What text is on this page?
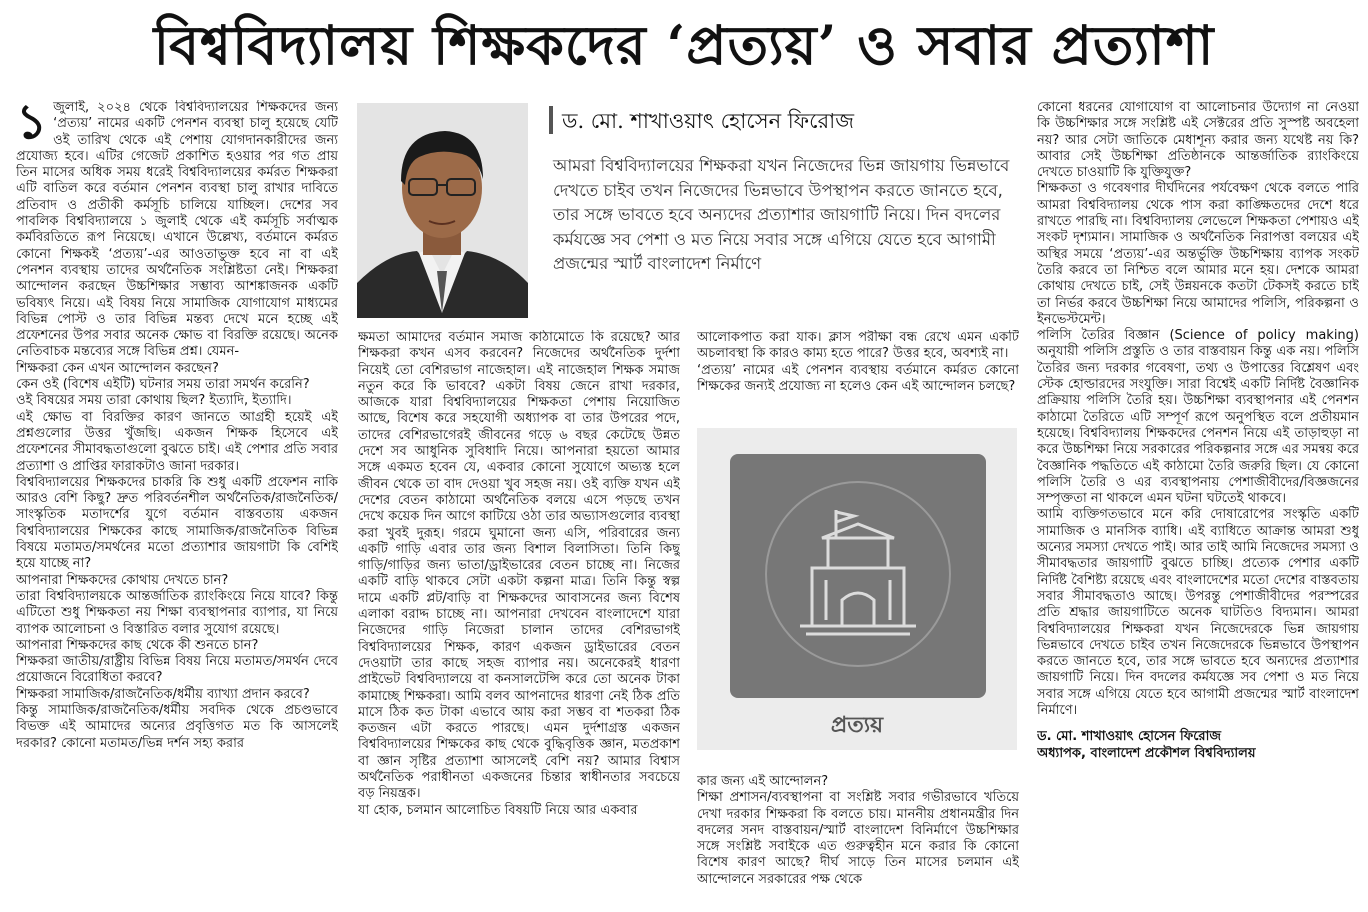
বিশ্ববিদ্যালয় শিক্ষকদের ‘প্রত্যয়’ ও সবার প্রত্যাশা
১ জুলাই, ২০২৪ থেকে বিশ্ববিদ্যালয়ের শিক্ষকদের জন্য ‘প্রত্যয়’ নামের একটি পেনশন ব্যবস্থা চালু হয়েছে যেটি ওই তারিখ থেকে এই পেশায় যোগদানকারীদের জন্য প্রযোজ্য হবে। এটির গেজেট প্রকাশিত হওয়ার পর গত প্রায় তিন মাসের অধিক সময় ধরেই বিশ্ববিদ্যালয়ের কর্মরত শিক্ষকরা এটি বাতিল করে বর্তমান পেনশন ব্যবস্থা চালু রাখার দাবিতে প্রতিবাদ ও প্রতীকী কর্মসূচি চালিয়ে যাচ্ছিল। দেশের সব পাবলিক বিশ্ববিদ্যালয়ে ১ জুলাই থেকে এই কর্মসূচি সর্বাত্মক কর্মবিরতিতে রূপ নিয়েছে। এখানে উল্লেখ্য, বর্তমানে কর্মরত কোনো শিক্ষকই ‘প্রত্যয়’-এর আওতাভুক্ত হবে না বা এই পেনশন ব্যবস্থায় তাদের অর্থনৈতিক সংশ্লিষ্টতা নেই। শিক্ষকরা আন্দোলন করছেন উচ্চশিক্ষার সম্ভাব্য আশঙ্কাজনক একটি ভবিষ্যৎ নিয়ে। এই বিষয় নিয়ে সামাজিক যোগাযোগ মাধ্যমের বিভিন্ন পোস্ট ও তার বিভিন্ন মন্তব্য দেখে মনে হচ্ছে এই প্রফেশনের উপর সবার অনেক ক্ষোভ বা বিরক্তি রয়েছে। অনেক নেতিবাচক মন্তব্যের সঙ্গে বিভিন্ন প্রশ্ন। যেমন-

শিক্ষকরা কেন এখন আন্দোলন করছেন?

কেন ওই (বিশেষ এইটি) ঘটনার সময় তারা সমর্থন করেনি?

ওই বিষয়ের সময় তারা কোথায় ছিল? ইত্যাদি, ইত্যাদি।

এই ক্ষোভ বা বিরক্তির কারণ জানতে আগ্রহী হয়েই এই প্রশ্নগুলোর উত্তর খুঁজছি। একজন শিক্ষক হিসেবে এই প্রফেশনের সীমাবদ্ধতাগুলো বুঝতে চাই। এই পেশার প্রতি সবার প্রত্যাশা ও প্রাপ্তির ফারাকটাও জানা দরকার।

বিশ্ববিদ্যালয়ের শিক্ষকদের চাকরি কি শুধু একটি প্রফেশন নাকি আরও বেশি কিছু? দ্রুত পরিবর্তনশীল অর্থনৈতিক/রাজনৈতিক/সাংস্কৃতিক মতাদর্শের যুগে বর্তমান বাস্তবতায় একজন বিশ্ববিদ্যালয়ের শিক্ষকের কাছে সামাজিক/রাজনৈতিক বিভিন্ন বিষয়ে মতামত/সমর্থনের মতো প্রত্যাশার জায়গাটা কি বেশিই হয়ে যাচ্ছে না?

আপনারা শিক্ষকদের কোথায় দেখতে চান?

তারা বিশ্ববিদ্যালয়কে আন্তর্জাতিক র‍্যাংকিংয়ে নিয়ে যাবে? কিন্তু এটিতো শুধু শিক্ষকতা নয় শিক্ষা ব্যবস্থাপনার ব্যাপার, যা নিয়ে ব্যাপক আলোচনা ও বিস্তারিত বলার সুযোগ রয়েছে।

আপনারা শিক্ষকদের কাছ থেকে কী শুনতে চান?

শিক্ষকরা জাতীয়/রাষ্ট্রীয় বিভিন্ন বিষয় নিয়ে মতামত/সমর্থন দেবে প্রয়োজনে বিরোধিতা করবে?

শিক্ষকরা সামাজিক/রাজনৈতিক/ধর্মীয় ব্যাখ্যা প্রদান করবে?

কিন্তু সামাজিক/রাজনৈতিক/ধর্মীয় সবদিক থেকে প্রচণ্ডভাবে বিভক্ত এই আমাদের অন্যের প্রবৃত্তিগত মত কি আসলেই দরকার? কোনো মতামত/ভিন্ন দর্শন সহ্য করার

ড. মো. শাখাওয়াৎ হোসেন ফিরোজ

আমরা বিশ্ববিদ্যালয়ের শিক্ষকরা যখন নিজেদের ভিন্ন জায়গায় ভিন্নভাবে দেখতে চাইব তখন নিজেদের ভিন্নভাবে উপস্থাপন করতে জানতে হবে, তার সঙ্গে ভাবতে হবে অন্যদের প্রত্যাশার জায়গাটি নিয়ে। দিন বদলের কর্মযজ্ঞে সব পেশা ও মত নিয়ে সবার সঙ্গে এগিয়ে যেতে হবে আগামী প্রজন্মের স্মার্ট বাংলাদেশ নির্মাণে

ক্ষমতা আমাদের বর্তমান সমাজ কাঠামোতে কি রয়েছে? আর শিক্ষকরা কখন এসব করবেন? নিজেদের অর্থনৈতিক দুর্দশা নিয়েই তো বেশিরভাগ নাজেহাল। এই নাজেহাল শিক্ষক সমাজ নতুন করে কি ভাববে? একটা বিষয় জেনে রাখা দরকার, আজকে যারা বিশ্ববিদ্যালয়ের শিক্ষকতা পেশায় নিয়োজিত আছে, বিশেষ করে সহযোগী অধ্যাপক বা তার উপরের পদে, তাদের বেশিরভাগেরই জীবনের গড়ে ৬ বছর কেটেছে উন্নত দেশে সব আধুনিক সুবিধাদি নিয়ে। আপনারা হয়তো আমার সঙ্গে একমত হবেন যে, একবার কোনো সুযোগে অভ্যস্ত হলে জীবন থেকে তা বাদ দেওয়া খুব সহজ নয়। ওই ব্যক্তি যখন এই দেশের বেতন কাঠামো অর্থনৈতিক বলয়ে এসে পড়ছে তখন দেখে কয়েক দিন আগে কাটিয়ে ওঠা তার অভ্যাসগুলোর ব্যবস্থা করা খুবই দুরূহ। গরমে ঘুমানো জন্য এসি, পরিবারের জন্য একটি গাড়ি এবার তার জন্য বিশাল বিলাসিতা। তিনি কিছু গাড়ি/গাড়ির জন্য ভাতা/ড্রাইভারের বেতন চাচ্ছে না। নিজের একটি বাড়ি থাকবে সেটা একটা কল্পনা মাত্র। তিনি কিন্তু স্বল্প দামে একটি প্লট/বাড়ি বা শিক্ষকদের আবাসনের জন্য বিশেষ এলাকা বরাদ্দ চাচ্ছে না। আপনারা দেখবেন বাংলাদেশে যারা নিজেদের গাড়ি নিজেরা চালান তাদের বেশিরভাগই বিশ্ববিদ্যালয়ের শিক্ষক, কারণ একজন ড্রাইভারের বেতন দেওয়াটা তার কাছে সহজ ব্যাপার নয়। অনেকেরই ধারণা প্রাইভেট বিশ্ববিদ্যালয়ে বা কনসালটেন্সি করে তো অনেক টাকা কামাচ্ছে শিক্ষকরা। আমি বলব আপনাদের ধারণা নেই ঠিক প্রতি মাসে ঠিক কত টাকা এভাবে আয় করা সম্ভব বা শতকরা ঠিক কতজন এটা করতে পারছে। এমন দুর্দশাগ্রস্ত একজন বিশ্ববিদ্যালয়ের শিক্ষকের কাছ থেকে বুদ্ধিবৃত্তিক জ্ঞান, মতপ্রকাশ বা জ্ঞান সৃষ্টির প্রত্যাশা আসলেই বেশি নয়? আমার বিশ্বাস অর্থনৈতিক পরাধীনতা একজনের চিন্তার স্বাধীনতার সবচেয়ে বড় নিয়ন্ত্রক।

যা হোক, চলমান আলোচিত বিষয়টি নিয়ে আর একবার

আলোকপাত করা যাক। ক্লাস পরীক্ষা বন্ধ রেখে এমন একটি অচলাবস্থা কি কারও কাম্য হতে পারে? উত্তর হবে, অবশ্যই না।

‘প্রত্যয়’ নামের এই পেনশন ব্যবস্থায় বর্তমানে কর্মরত কোনো শিক্ষকের জন্যই প্রযোজ্য না হলেও কেন এই আন্দোলন চলছে?

প্রত্যয়

কার জন্য এই আন্দোলন?

শিক্ষা প্রশাসন/ব্যবস্থাপনা বা সংশ্লিষ্ট সবার গভীরভাবে খতিয়ে দেখা দরকার শিক্ষকরা কি বলতে চায়। মাননীয় প্রধানমন্ত্রীর দিন বদলের সনদ বাস্তবায়ন/স্মার্ট বাংলাদেশ বিনির্মাণে উচ্চশিক্ষার সঙ্গে সংশ্লিষ্ট সবাইকে এত গুরুত্বহীন মনে করার কি কোনো বিশেষ কারণ আছে? দীর্ঘ সাড়ে তিন মাসের চলমান এই আন্দোলনে সরকারের পক্ষ থেকে

কোনো ধরনের যোগাযোগ বা আলোচনার উদ্যোগ না নেওয়া কি উচ্চশিক্ষার সঙ্গে সংশ্লিষ্ট এই সেক্টরের প্রতি সুস্পষ্ট অবহেলা নয়? আর সেটা জাতিকে মেধাশূন্য করার জন্য যথেষ্ট নয় কি? আবার সেই উচ্চশিক্ষা প্রতিষ্ঠানকে আন্তর্জাতিক র‍্যাংকিংয়ে দেখতে চাওয়াটি কি যুক্তিযুক্ত?

শিক্ষকতা ও গবেষণার দীর্ঘদিনের পর্যবেক্ষণ থেকে বলতে পারি আমরা বিশ্ববিদ্যালয় থেকে পাস করা কাঙ্ক্ষিতদের দেশে ধরে রাখতে পারছি না। বিশ্ববিদ্যালয় লেভেলে শিক্ষকতা পেশায়ও এই সংকট দৃশ্যমান। সামাজিক ও অর্থনৈতিক নিরাপত্তা বলয়ের এই অস্থির সময়ে ‘প্রত্যয়’-এর অন্তর্ভুক্তি উচ্চশিক্ষায় ব্যাপক সংকট তৈরি করবে তা নিশ্চিত বলে আমার মনে হয়। দেশকে আমরা কোথায় দেখতে চাই, সেই উন্নয়নকে কতটা টেকসই করতে চাই তা নির্ভর করবে উচ্চশিক্ষা নিয়ে আমাদের পলিসি, পরিকল্পনা ও ইনভেস্টমেন্ট।

পলিসি তৈরির বিজ্ঞান (Science of policy making) অনুযায়ী পলিসি প্রস্তুতি ও তার বাস্তবায়ন কিন্তু এক নয়। পলিসি তৈরির জন্য দরকার গবেষণা, তথ্য ও উপাত্তের বিশ্লেষণ এবং স্টেক হোল্ডারদের সংযুক্তি। সারা বিশ্বেই একটি নির্দিষ্ট বৈজ্ঞানিক প্রক্রিয়ায় পলিসি তৈরি হয়। উচ্চশিক্ষা ব্যবস্থাপনার এই পেনশন কাঠামো তৈরিতে এটি সম্পূর্ণ রূপে অনুপস্থিত বলে প্রতীয়মান হয়েছে। বিশ্ববিদ্যালয় শিক্ষকদের পেনশন নিয়ে এই তাড়াহুড়া না করে উচ্চশিক্ষা নিয়ে সরকারের পরিকল্পনার সঙ্গে এর সমন্বয় করে বৈজ্ঞানিক পদ্ধতিতে এই কাঠামো তৈরি জরুরি ছিল। যে কোনো পলিসি তৈরি ও এর ব্যবস্থাপনায় পেশাজীবীদের/বিজ্ঞজনের সম্পৃক্ততা না থাকলে এমন ঘটনা ঘটতেই থাকবে।

আমি ব্যক্তিগতভাবে মনে করি দোষারোপের সংস্কৃতি একটি সামাজিক ও মানসিক ব্যাধি। এই ব্যাধিতে আক্রান্ত আমরা শুধু অন্যের সমস্যা দেখতে পাই। আর তাই আমি নিজেদের সমস্যা ও সীমাবদ্ধতার জায়গাটি বুঝতে চাচ্ছি। প্রত্যেক পেশার একটি নির্দিষ্ট বৈশিষ্ট্য রয়েছে এবং বাংলাদেশের মতো দেশের বাস্তবতায় সবার সীমাবদ্ধতাও আছে। উপরন্তু পেশাজীবীদের পরস্পরের প্রতি শ্রদ্ধার জায়গাটিতে অনেক ঘাটতিও বিদ্যমান। আমরা বিশ্ববিদ্যালয়ের শিক্ষকরা যখন নিজেদেরকে ভিন্ন জায়গায় ভিন্নভাবে দেখতে চাইব তখন নিজেদেরকে ভিন্নভাবে উপস্থাপন করতে জানতে হবে, তার সঙ্গে ভাবতে হবে অন্যদের প্রত্যাশার জায়গাটি নিয়ে। দিন বদলের কর্মযজ্ঞে সব পেশা ও মত নিয়ে সবার সঙ্গে এগিয়ে যেতে হবে আগামী প্রজন্মের স্মার্ট বাংলাদেশ নির্মাণে।

ড. মো. শাখাওয়াৎ হোসেন ফিরোজ

অধ্যাপক, বাংলাদেশ প্রকৌশল বিশ্ববিদ্যালয়
